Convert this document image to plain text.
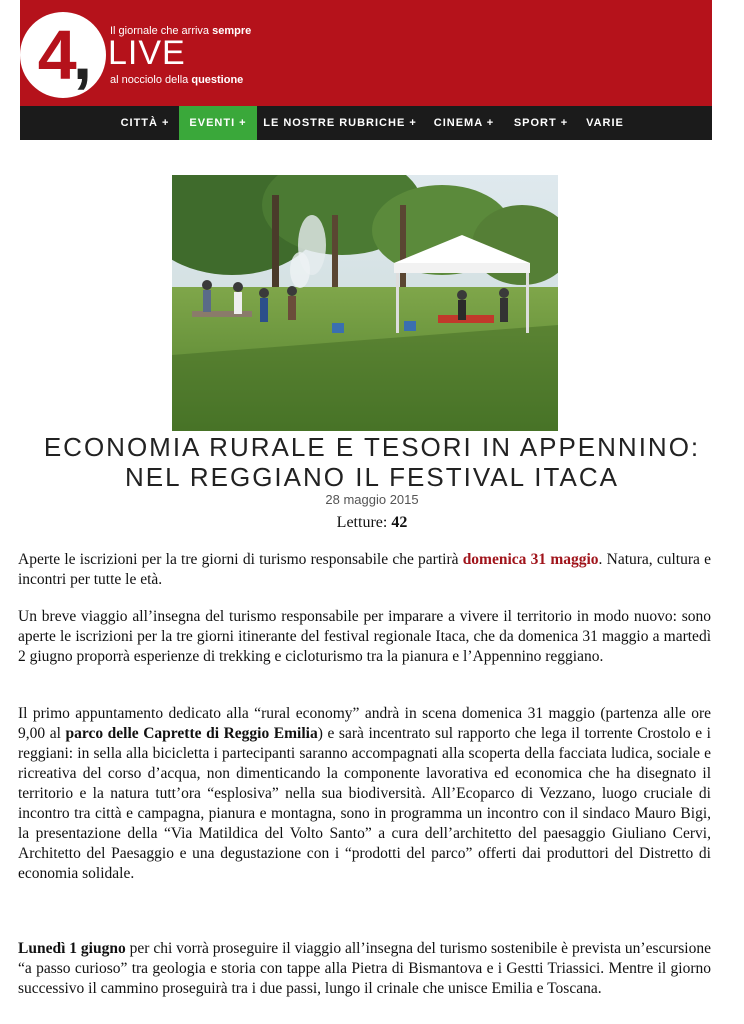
4,	Il giornale che arriva sempre
LIVE
al nocciolo della questione
CITTÀ +	EVENTI +	LE NOSTRE RUBRICHE +	CINEMA +	SPORT +	VARIE
ECONOMIA RURALE E TESORI IN APPENNINO:
NEL REGGIANO IL FESTIVAL ITACA
28 maggio 2015
Letture: 42

Aperte le iscrizioni per la tre giorni di turismo responsabile che partirà domenica 31 maggio. Natura, cultura e incontri per tutte le età.

Un breve viaggio all’insegna del turismo responsabile per imparare a vivere il territorio in modo nuovo: sono aperte le iscrizioni per la tre giorni itinerante del festival regionale Itaca, che da domenica 31 maggio a martedì 2 giugno proporrà esperienze di trekking e cicloturismo tra la pianura e l’Appennino reggiano.

Il primo appuntamento dedicato alla “rural economy” andrà in scena domenica 31 maggio (partenza alle ore 9,00 al parco delle Caprette di Reggio Emilia) e sarà incentrato sul rapporto che lega il torrente Crostolo e i reggiani: in sella alla bicicletta i partecipanti saranno accompagnati alla scoperta della facciata ludica, sociale e ricreativa del corso d’acqua, non dimenticando la componente lavorativa ed economica che ha disegnato il territorio e la natura tutt’ora “esplosiva” nella sua biodiversità. All’Ecoparco di Vezzano, luogo cruciale di incontro tra città e campagna, pianura e montagna, sono in programma un incontro con il sindaco Mauro Bigi, la presentazione della “Via Matildica del Volto Santo” a cura dell’architetto del paesaggio Giuliano Cervi, Architetto del Paesaggio e una degustazione con i “prodotti del parco” offerti dai produttori del Distretto di economia solidale.

Lunedì 1 giugno per chi vorrà proseguire il viaggio all’insegna del turismo sostenibile è prevista un’escursione “a passo curioso” tra geologia e storia con tappe alla Pietra di Bismantova e i Gestti Triassici. Mentre il giorno successivo il cammino proseguirà tra i due passi, lungo il crinale che unisce Emilia e Toscana.
